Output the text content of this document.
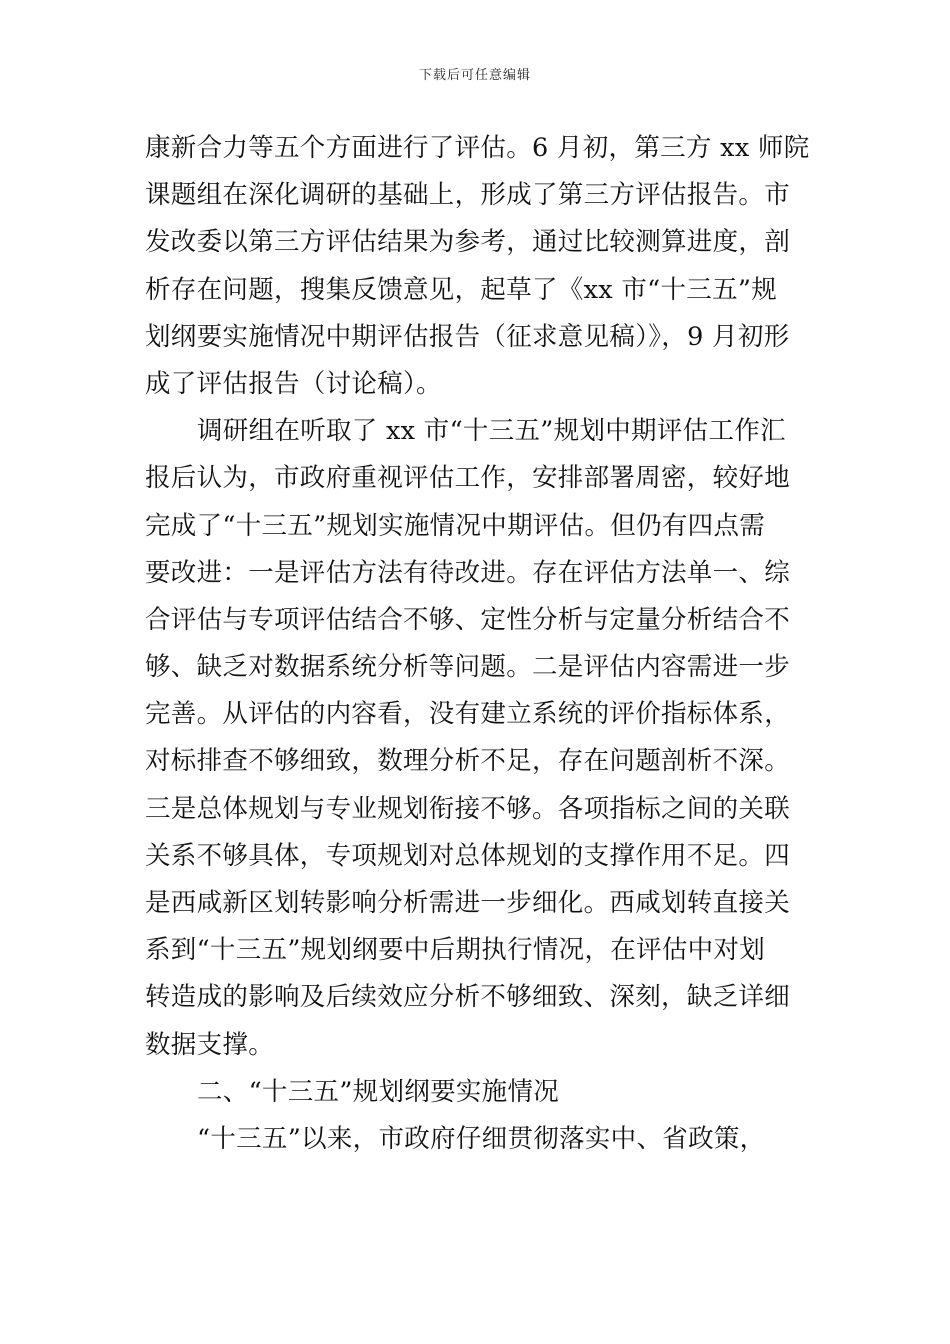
下载后可任意编辑
康新合力等五个方面进行了评估。6 月初，第三方 xx 师院
课题组在深化调研的基础上，形成了第三方评估报告。市
发改委以第三方评估结果为参考，通过比较测算进度，剖
析存在问题，搜集反馈意见，起草了《xx 市“十三五”规
划纲要实施情况中期评估报告（征求意见稿）》，9 月初形
成了评估报告（讨论稿）。
调研组在听取了 xx 市“十三五”规划中期评估工作汇
报后认为，市政府重视评估工作，安排部署周密，较好地
完成了“十三五”规划实施情况中期评估。但仍有四点需
要改进：一是评估方法有待改进。存在评估方法单一、综
合评估与专项评估结合不够、定性分析与定量分析结合不
够、缺乏对数据系统分析等问题。二是评估内容需进一步
完善。从评估的内容看，没有建立系统的评价指标体系，
对标排查不够细致，数理分析不足，存在问题剖析不深。
三是总体规划与专业规划衔接不够。各项指标之间的关联
关系不够具体，专项规划对总体规划的支撑作用不足。四
是西咸新区划转影响分析需进一步细化。西咸划转直接关
系到“十三五”规划纲要中后期执行情况，在评估中对划
转造成的影响及后续效应分析不够细致、深刻，缺乏详细
数据支撑。
二、“十三五”规划纲要实施情况
“十三五”以来，市政府仔细贯彻落实中、省政策，
